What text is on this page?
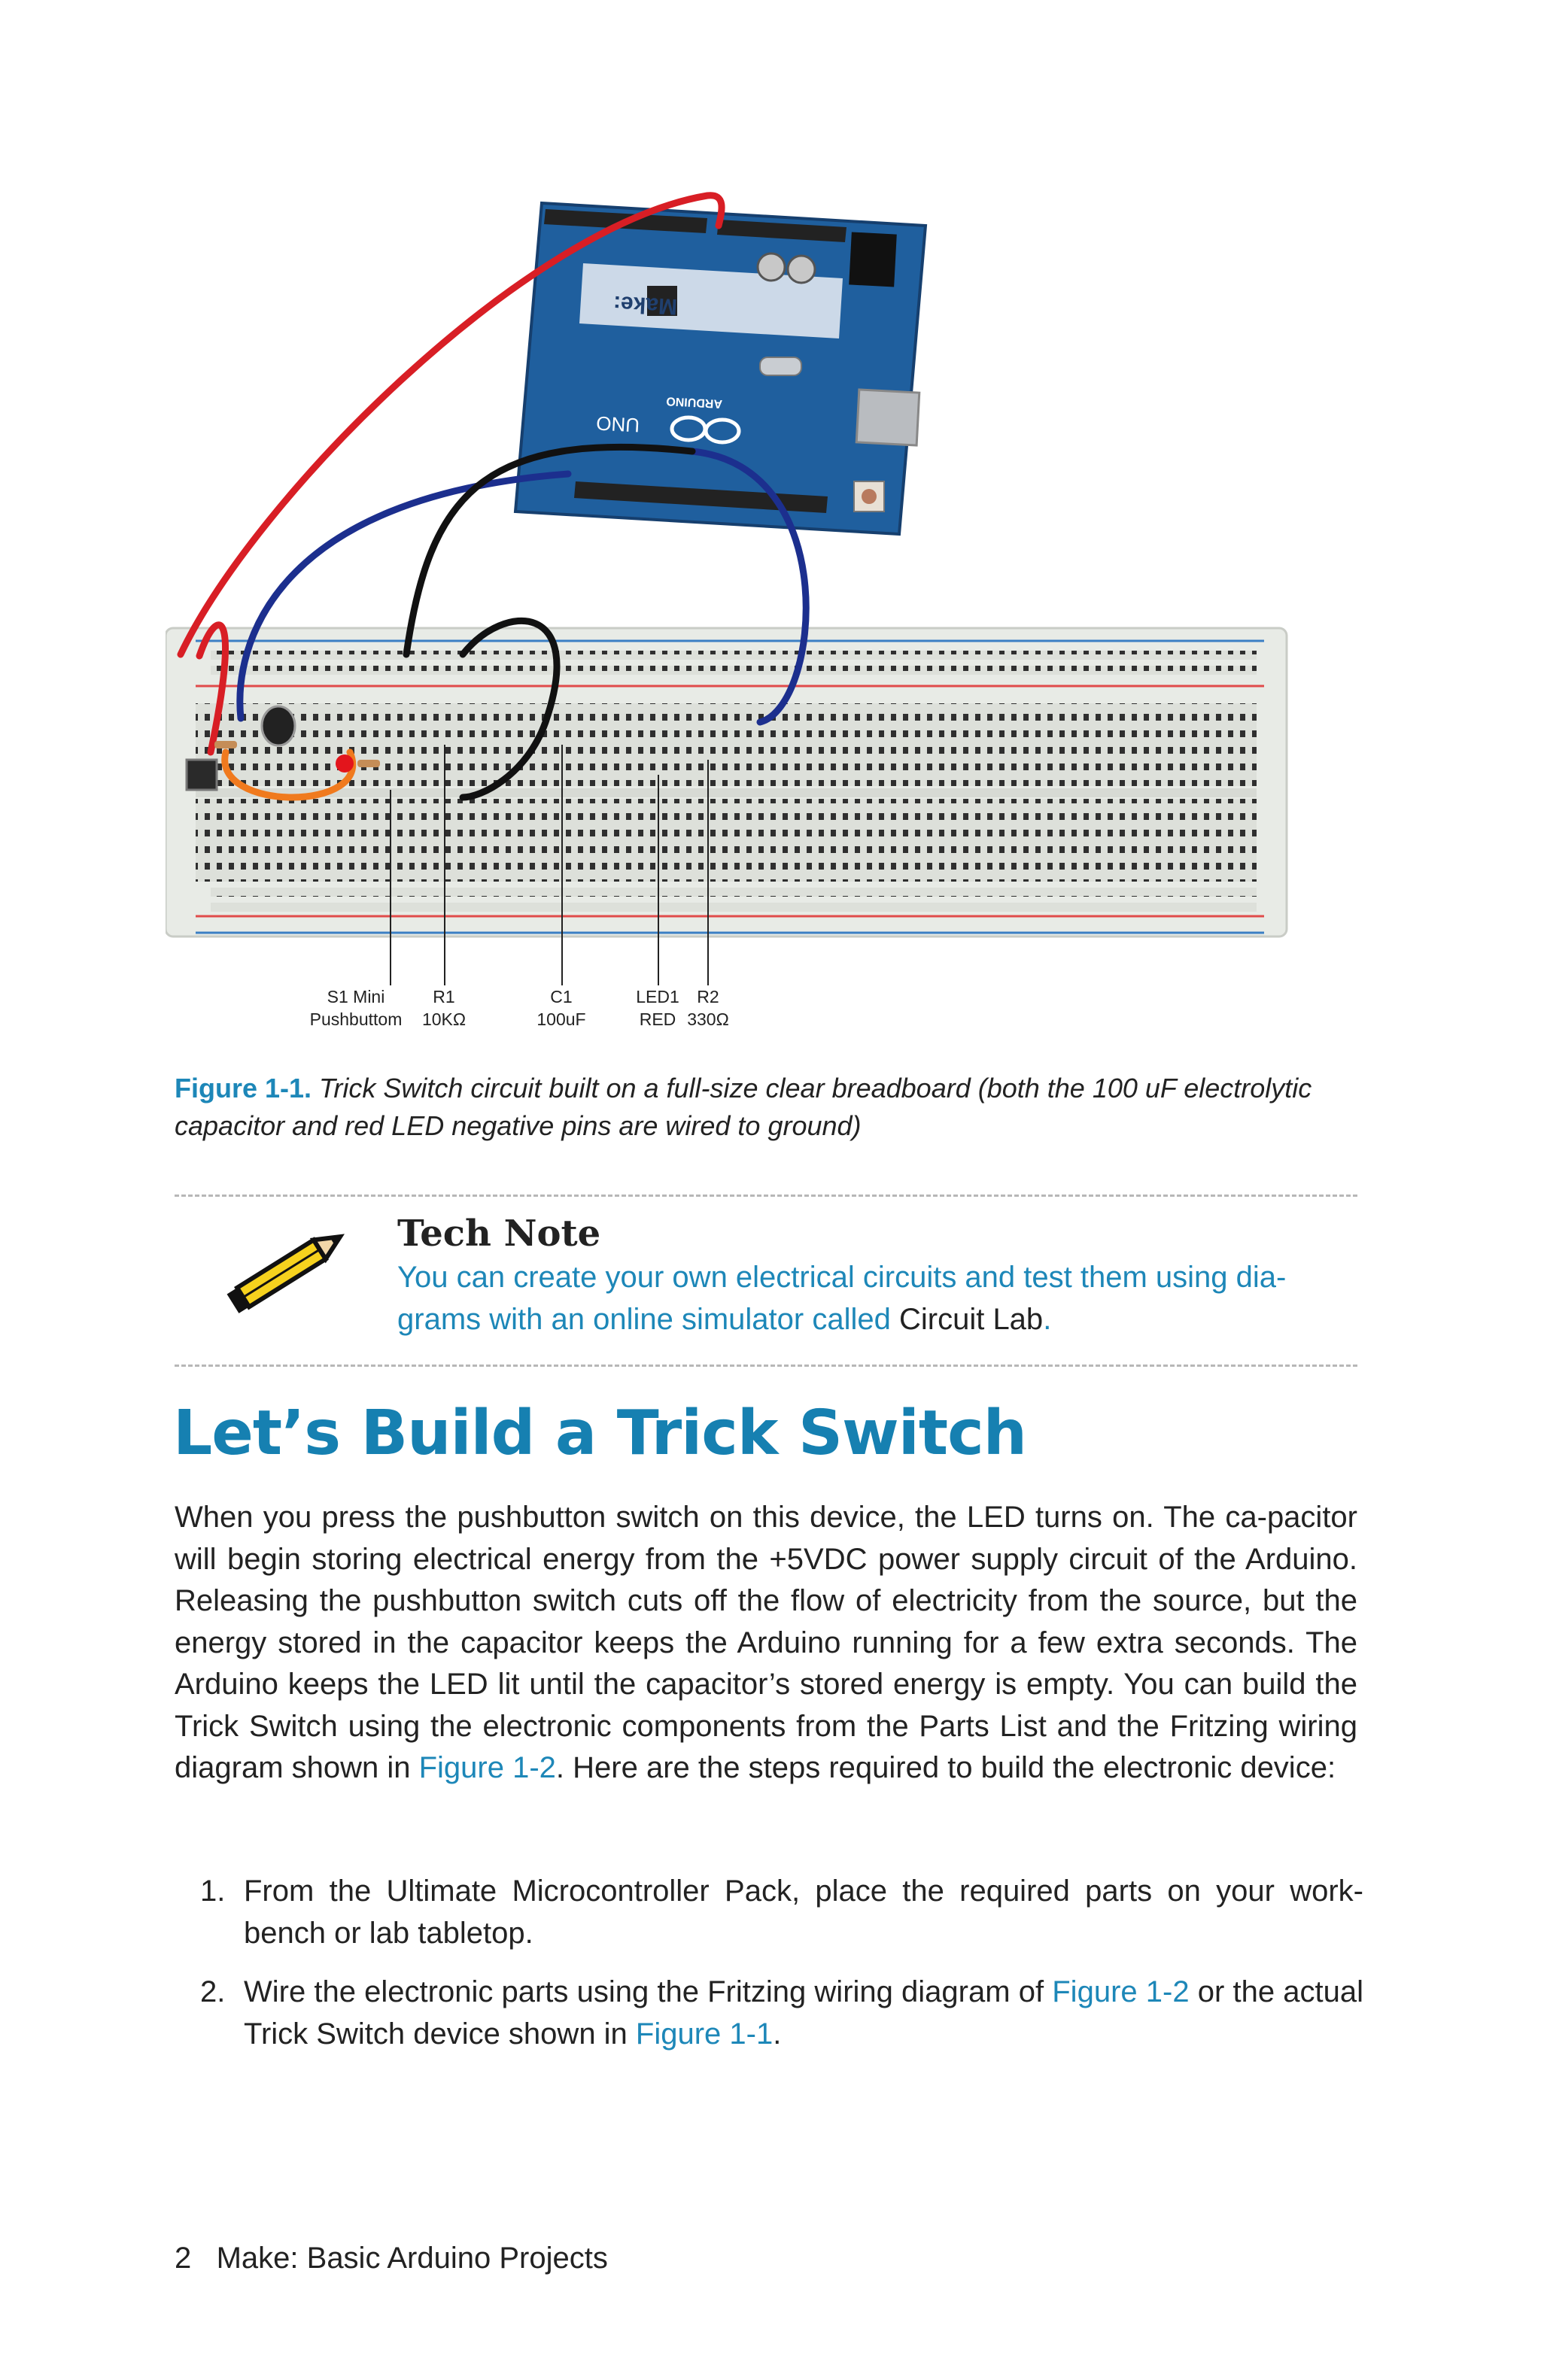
UNO
ARDUINO
Make:
S1 Mini
Pushbuttom
R1
10KΩ
C1
100uF
LED1
RED
R2
330Ω
Figure 1-1. Trick Switch circuit built on a full-size clear breadboard (both the 100 uF electrolytic capacitor and red LED negative pins are wired to ground)
Tech Note
You can create your own electrical circuits and test them using dia-grams with an online simulator called Circuit Lab.
Let’s Build a Trick Switch
When you press the pushbutton switch on this device, the LED turns on. The ca-pacitor will begin storing electrical energy from the +5VDC power supply circuit of the Arduino. Releasing the pushbutton switch cuts off the flow of electricity from the source, but the energy stored in the capacitor keeps the Arduino running for a few extra seconds. The Arduino keeps the LED lit until the capacitor’s stored energy is empty. You can build the Trick Switch using the electronic components from the Parts List and the Fritzing wiring diagram shown in Figure 1-2. Here are the steps required to build the electronic device:
1. From the Ultimate Microcontroller Pack, place the required parts on your work-bench or lab tabletop.
2. Wire the electronic parts using the Fritzing wiring diagram of Figure 1-2 or the actual Trick Switch device shown in Figure 1-1.
2 Make: Basic Arduino Projects
